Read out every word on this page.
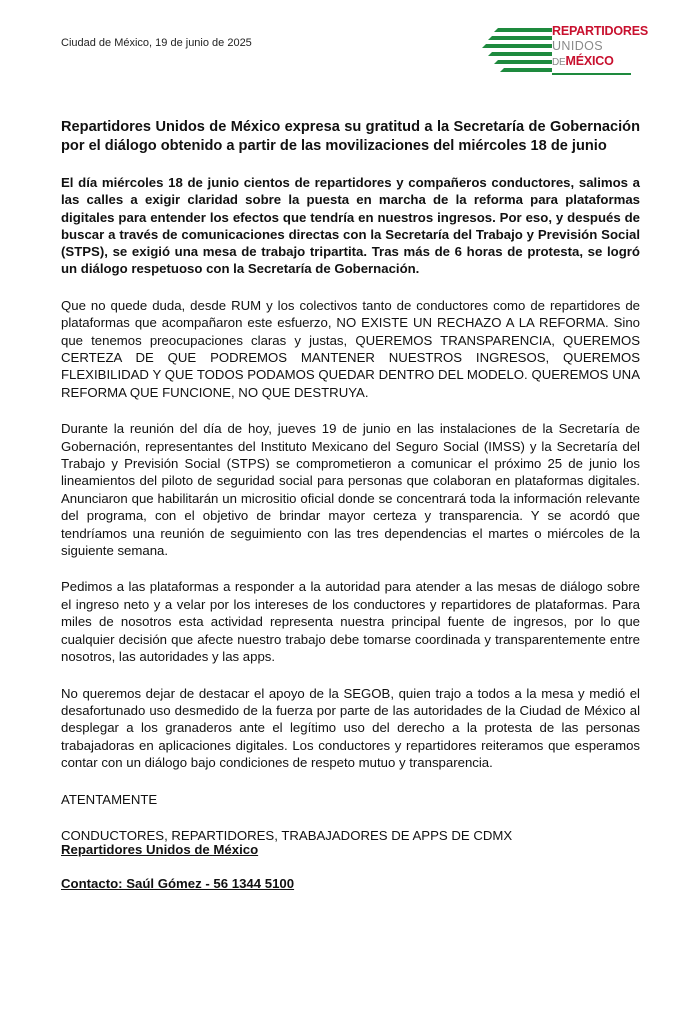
Ciudad de México, 19 de junio de 2025
REPARTIDORES
UNIDOS
DEMÉXICO

Repartidores Unidos de México expresa su gratitud a la Secretaría de Gobernación por el diálogo obtenido a partir de las movilizaciones del miércoles 18 de junio

El día miércoles 18 de junio cientos de repartidores y compañeros conductores, salimos a las calles a exigir claridad sobre la puesta en marcha de la reforma para plataformas digitales para entender los efectos que tendría en nuestros ingresos. Por eso, y después de buscar a través de comunicaciones directas con la Secretaría del Trabajo y Previsión Social (STPS), se exigió una mesa de trabajo tripartita. Tras más de 6 horas de protesta, se logró un diálogo respetuoso con la Secretaría de Gobernación.

Que no quede duda, desde RUM y los colectivos tanto de conductores como de repartidores de plataformas que acompañaron este esfuerzo, NO EXISTE UN RECHAZO A LA REFORMA. Sino que tenemos preocupaciones claras y justas, QUEREMOS TRANSPARENCIA, QUEREMOS CERTEZA DE QUE PODREMOS MANTENER NUESTROS INGRESOS, QUEREMOS FLEXIBILIDAD Y QUE TODOS PODAMOS QUEDAR DENTRO DEL MODELO. QUEREMOS UNA REFORMA QUE FUNCIONE, NO QUE DESTRUYA.

Durante la reunión del día de hoy, jueves 19 de junio en las instalaciones de la Secretaría de Gobernación, representantes del Instituto Mexicano del Seguro Social (IMSS) y la Secretaría del Trabajo y Previsión Social (STPS) se comprometieron a comunicar el próximo 25 de junio los lineamientos del piloto de seguridad social para personas que colaboran en plataformas digitales. Anunciaron que habilitarán un micrositio oficial donde se concentrará toda la información relevante del programa, con el objetivo de brindar mayor certeza y transparencia. Y se acordó que tendríamos una reunión de seguimiento con las tres dependencias el martes o miércoles de la siguiente semana.

Pedimos a las plataformas a responder a la autoridad para atender a las mesas de diálogo sobre el ingreso neto y a velar por los intereses de los conductores y repartidores de plataformas. Para miles de nosotros esta actividad representa nuestra principal fuente de ingresos, por lo que cualquier decisión que afecte nuestro trabajo debe tomarse coordinada y transparentemente entre nosotros, las autoridades y las apps.

No queremos dejar de destacar el apoyo de la SEGOB, quien trajo a todos a la mesa y medió el desafortunado uso desmedido de la fuerza por parte de las autoridades de la Ciudad de México al desplegar a los granaderos ante el legítimo uso del derecho a la protesta de las personas trabajadoras en aplicaciones digitales. Los conductores y repartidores reiteramos que esperamos contar con un diálogo bajo condiciones de respeto mutuo y transparencia.

ATENTAMENTE

CONDUCTORES, REPARTIDORES, TRABAJADORES DE APPS DE CDMX

Repartidores Unidos de México
Contacto: Saúl Gómez - 56 1344 5100
